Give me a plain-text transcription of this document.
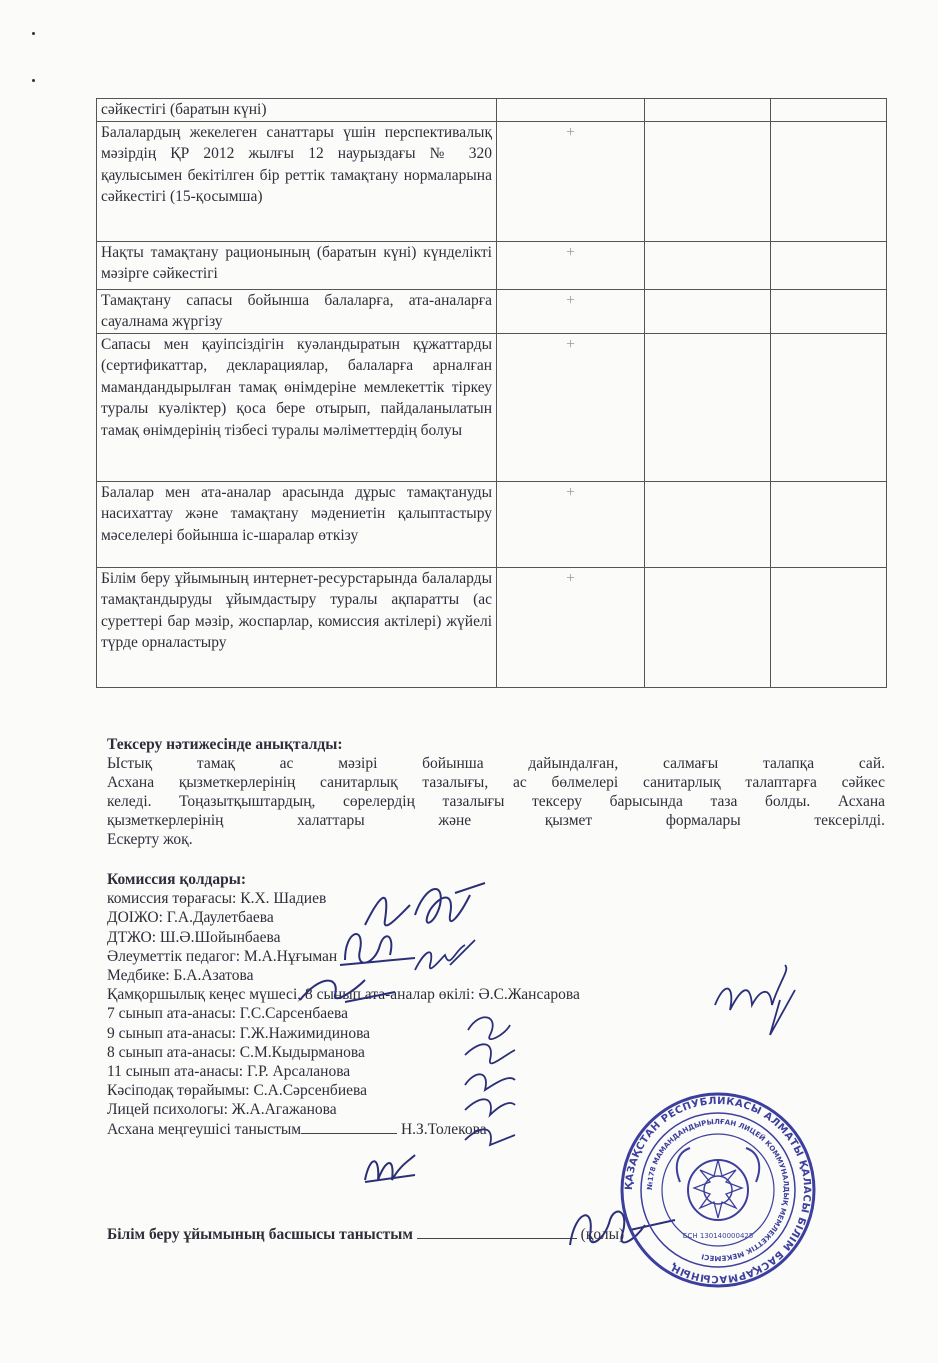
сәйкестігі (баратын күні)			
Балалардың жекелеген санаттары үшін перспективалық мәзірдің ҚР 2012 жылғы 12 наурыздағы № 320 қаулысымен бекітілген бір реттік тамақтану нормаларына сәйкестігі (15-қосымша)	+		
Нақты тамақтану рационының (баратын күні) күнделікті мәзірге сәйкестігі	+		
Тамақтану сапасы бойынша балаларға, ата-аналарға сауалнама жүргізу	+		
Сапасы мен қауіпсіздігін куәландыратын құжаттарды (сертификаттар, декларациялар, балаларға арналған мамандандырылған тамақ өнімдеріне мемлекеттік тіркеу туралы куәліктер) қоса бере отырып, пайдаланылатын тамақ өнімдерінің тізбесі туралы мәліметтердің болуы	+		
Балалар мен ата-аналар арасында дұрыс тамақтануды насихаттау және тамақтану мәдениетін қалыптастыру мәселелері бойынша іс-шаралар өткізу	+		
Білім беру ұйымының интернет-ресурстарында балаларды тамақтандыруды ұйымдастыру туралы ақпаратты (ас суреттері бар мәзір, жоспарлар, комиссия актілері) жүйелі түрде орналастыру	+		
Тексеру нәтижесінде анықталды:

Ыстық тамақ ас мәзірі бойынша дайындалған, салмағы талапқа сай.

Асхана қызметкерлерінің санитарлық тазалығы, ас бөлмелері санитарлық талаптарға сәйкес

келеді. Тоңазытқыштардың, сөрелердің тазалығы тексеру барысында таза болды. Асхана

қызметкерлерінің халаттары және қызмет формалары тексерілді.

Ескерту жоқ.

Комиссия қолдары:
комиссия төрағасы: К.Х. Шадиев
ДОІЖО: Г.А.Даулетбаева
ДТЖО: Ш.Ә.Шойынбаева
Әлеуметтік педагог: М.А.Нұғыман
Медбике: Б.А.Азатова
Қамқоршылық кеңес мүшесі, 8 сынып ата-аналар өкілі: Ә.С.Жансарова
7 сынып ата-анасы: Г.С.Сарсенбаева
9 сынып ата-анасы: Г.Ж.Нажимидинова
8 сынып ата-анасы: С.М.Кыдырманова
11 сынып ата-анасы: Г.Р. Арсаланова
Кәсіподақ төрайымы: С.А.Сәрсенбиева
Лицей психологы: Ж.А.Агажанова
Асхана меңгеушісі таныстым	Н.З.Толекова
Білім беру ұйымының басшысы таныстым	(қолы)
ҚАЗАҚСТАН РЕСПУБЛИКАСЫ АЛМАТЫ ҚАЛАСЫ БІЛІМ БАСҚАРМАСЫНЫҢ
№178 МАМАНДАНДЫРЫЛҒАН ЛИЦЕЙ КОММУНАЛДЫҚ МЕМЛЕКЕТТІК МЕКЕМЕСІ
БСН 130140000425
